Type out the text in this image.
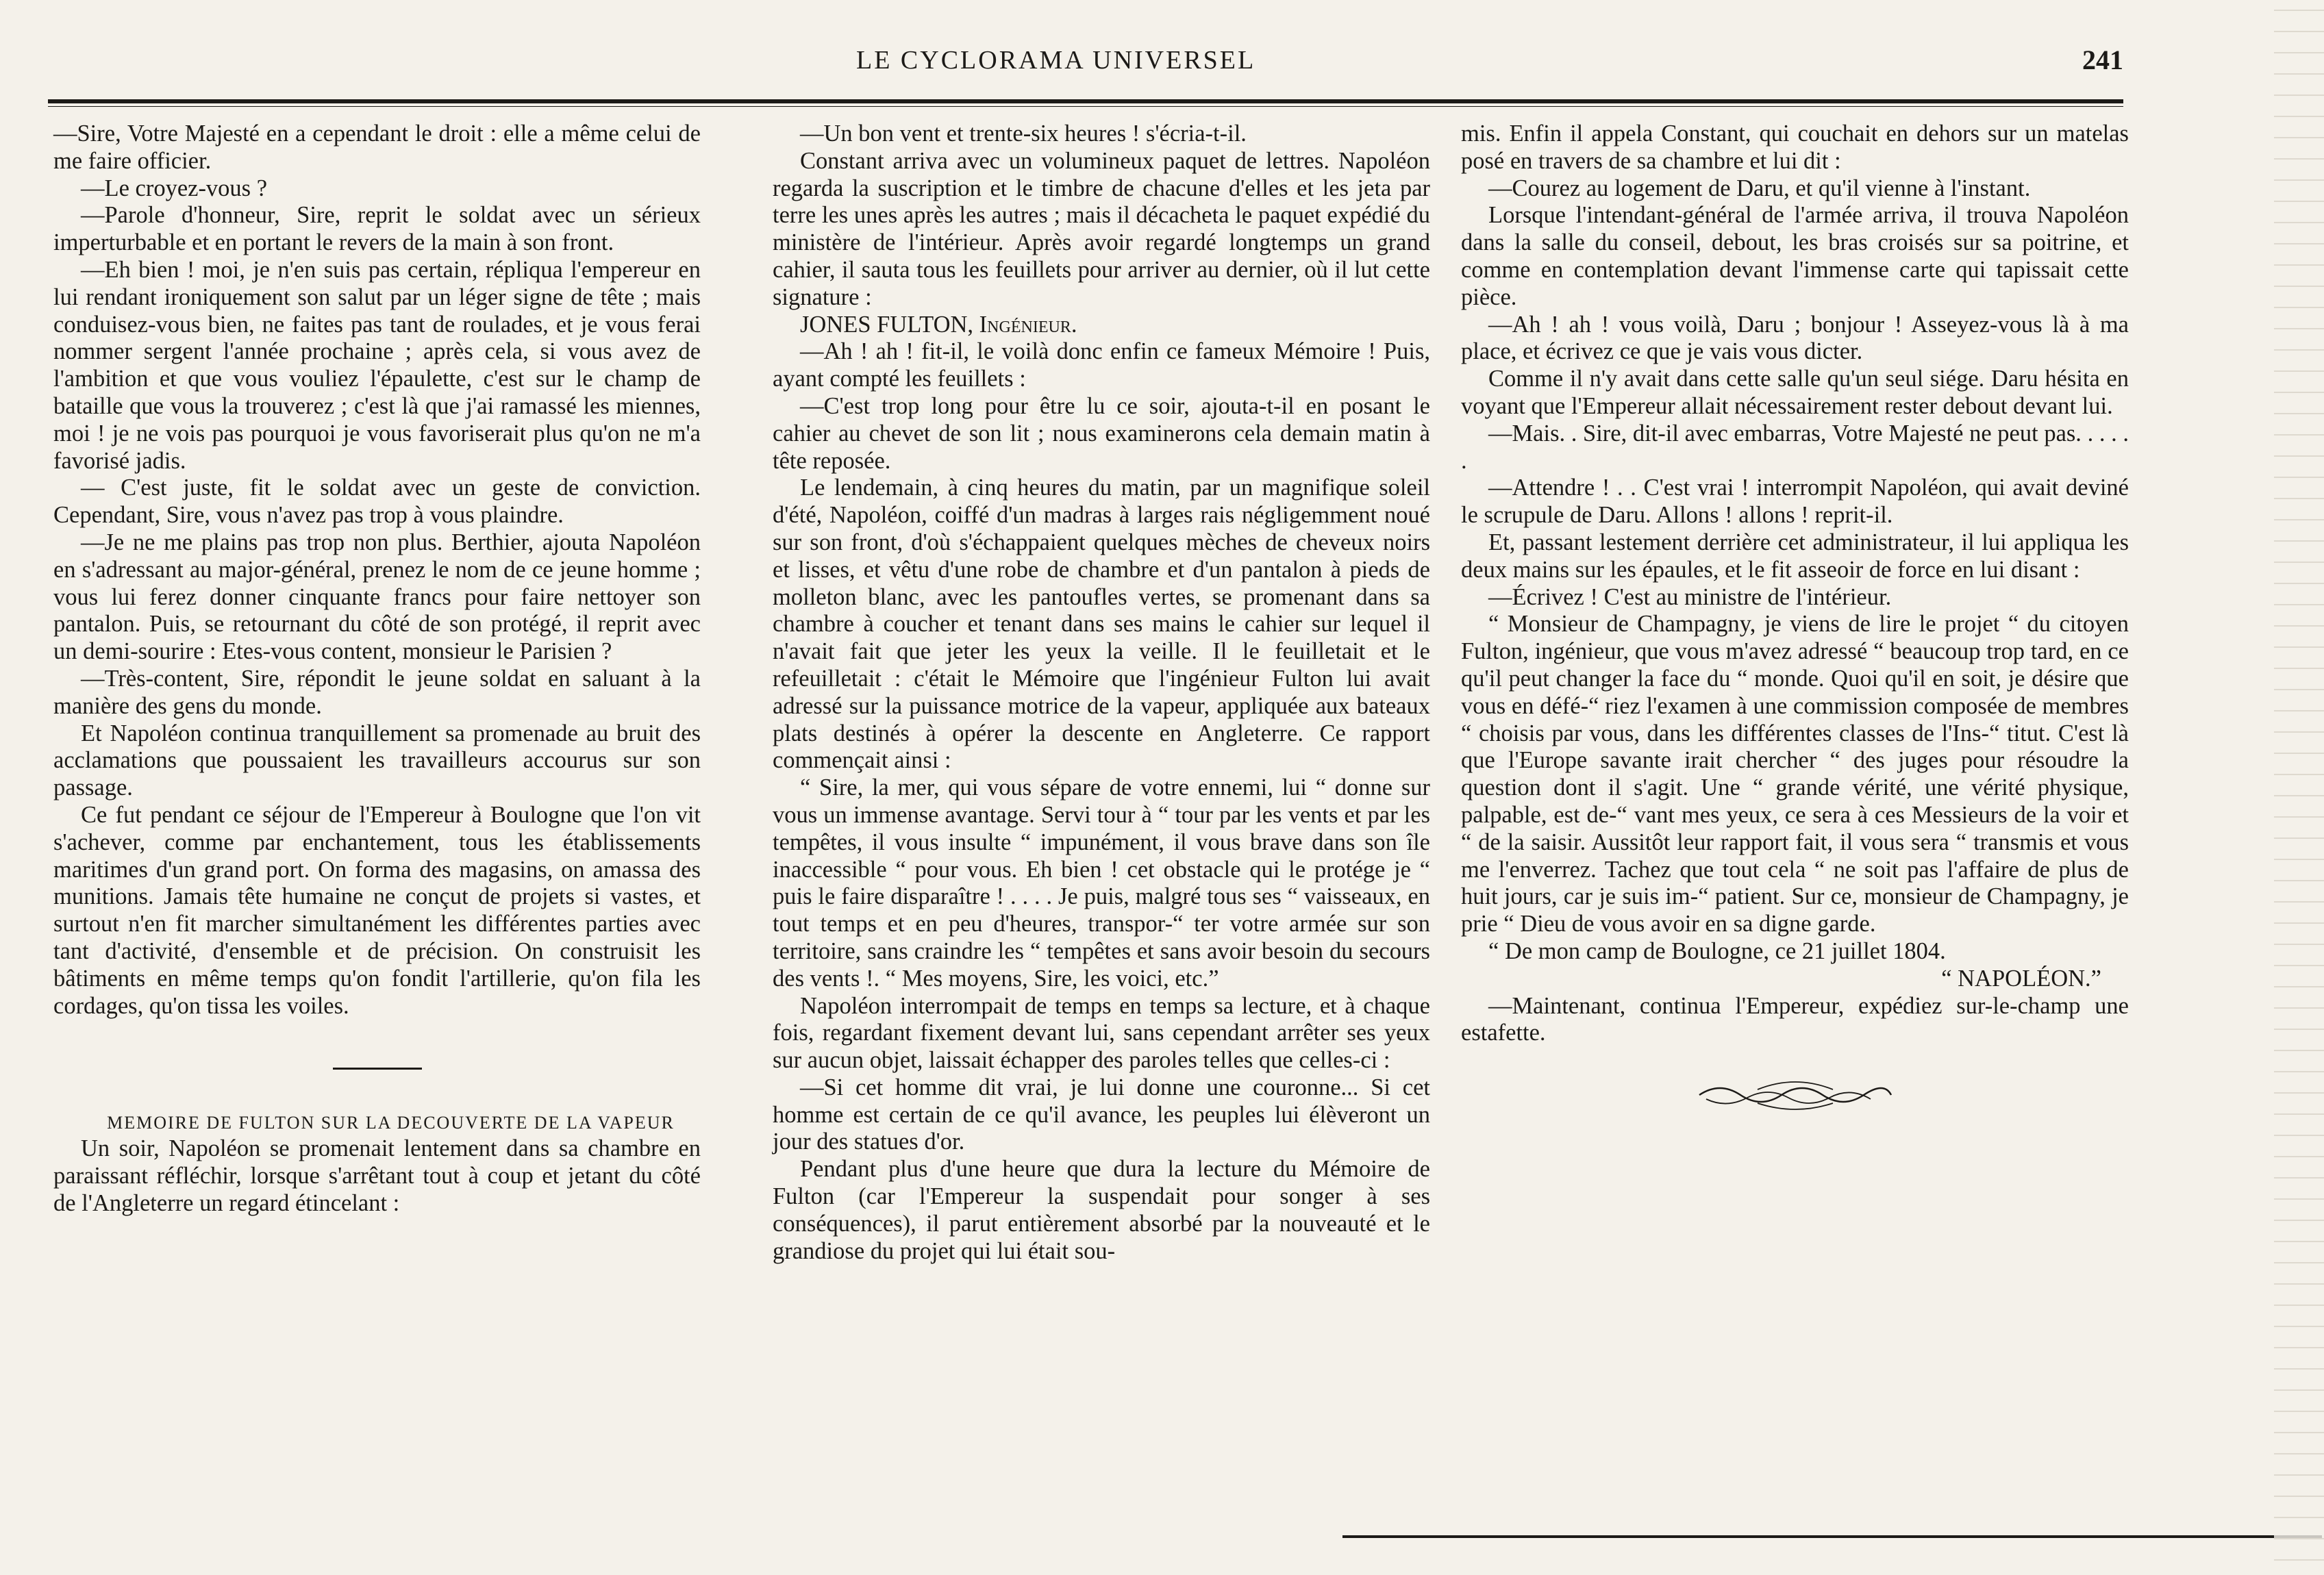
LE CYCLORAMA UNIVERSEL	241

—Sire, Votre Majesté en a cependant le droit : elle a même celui de me faire officier.

—Le croyez-vous ?

—Parole d'honneur, Sire, reprit le soldat avec un sérieux imperturbable et en portant le revers de la main à son front.

—Eh bien ! moi, je n'en suis pas certain, répliqua l'empereur en lui rendant ironiquement son salut par un léger signe de tête ; mais conduisez-vous bien, ne faites pas tant de roulades, et je vous ferai nommer sergent l'année prochaine ; après cela, si vous avez de l'ambition et que vous vouliez l'épaulette, c'est sur le champ de bataille que vous la trouverez ; c'est là que j'ai ramassé les miennes, moi ! je ne vois pas pourquoi je vous favoriserait plus qu'on ne m'a favorisé jadis.

— C'est juste, fit le soldat avec un geste de conviction. Cependant, Sire, vous n'avez pas trop à vous plaindre.

—Je ne me plains pas trop non plus. Berthier, ajouta Napoléon en s'adressant au major-général, prenez le nom de ce jeune homme ; vous lui ferez donner cinquante francs pour faire nettoyer son pantalon. Puis, se retournant du côté de son protégé, il reprit avec un demi-sourire : Etes-vous content, monsieur le Parisien ?

—Très-content, Sire, répondit le jeune soldat en saluant à la manière des gens du monde.

Et Napoléon continua tranquillement sa promenade au bruit des acclamations que poussaient les travailleurs accourus sur son passage.

Ce fut pendant ce séjour de l'Empereur à Boulogne que l'on vit s'achever, comme par enchantement, tous les établissements maritimes d'un grand port. On forma des magasins, on amassa des munitions. Jamais tête humaine ne conçut de projets si vastes, et surtout n'en fit marcher simultanément les différentes parties avec tant d'activité, d'ensemble et de précision. On construisit les bâtiments en même temps qu'on fondit l'artillerie, qu'on fila les cordages, qu'on tissa les voiles.

MEMOIRE DE FULTON SUR LA DECOUVERTE DE LA VAPEUR

Un soir, Napoléon se promenait lentement dans sa chambre en paraissant réfléchir, lorsque s'arrêtant tout à coup et jetant du côté de l'Angleterre un regard étincelant :

—Un bon vent et trente-six heures ! s'écria-t-il.

Constant arriva avec un volumineux paquet de lettres. Napoléon regarda la suscription et le timbre de chacune d'elles et les jeta par terre les unes après les autres ; mais il décacheta le paquet expédié du ministère de l'intérieur. Après avoir regardé longtemps un grand cahier, il sauta tous les feuillets pour arriver au dernier, où il lut cette signature :

JONES FULTON, Ingénieur.

—Ah ! ah ! fit-il, le voilà donc enfin ce fameux Mémoire ! Puis, ayant compté les feuillets :

—C'est trop long pour être lu ce soir, ajouta-t-il en posant le cahier au chevet de son lit ; nous examinerons cela demain matin à tête reposée.

Le lendemain, à cinq heures du matin, par un magnifique soleil d'été, Napoléon, coiffé d'un madras à larges rais négligemment noué sur son front, d'où s'échappaient quelques mèches de cheveux noirs et lisses, et vêtu d'une robe de chambre et d'un pantalon à pieds de molleton blanc, avec les pantoufles vertes, se promenant dans sa chambre à coucher et tenant dans ses mains le cahier sur lequel il n'avait fait que jeter les yeux la veille. Il le feuilletait et le refeuilletait : c'était le Mémoire que l'ingénieur Fulton lui avait adressé sur la puissance motrice de la vapeur, appliquée aux bateaux plats destinés à opérer la descente en Angleterre. Ce rapport commençait ainsi :

“ Sire, la mer, qui vous sépare de votre ennemi, lui “ donne sur vous un immense avantage. Servi tour à “ tour par les vents et par les tempêtes, il vous insulte “ impunément, il vous brave dans son île inaccessible “ pour vous. Eh bien ! cet obstacle qui le protége je “ puis le faire disparaître ! . . . . Je puis, malgré tous ses “ vaisseaux, en tout temps et en peu d'heures, transpor-“ ter votre armée sur son territoire, sans craindre les “ tempêtes et sans avoir besoin du secours des vents !. “ Mes moyens, Sire, les voici, etc.”

Napoléon interrompait de temps en temps sa lecture, et à chaque fois, regardant fixement devant lui, sans cependant arrêter ses yeux sur aucun objet, laissait échapper des paroles telles que celles-ci :

—Si cet homme dit vrai, je lui donne une couronne... Si cet homme est certain de ce qu'il avance, les peuples lui élèveront un jour des statues d'or.

Pendant plus d'une heure que dura la lecture du Mémoire de Fulton (car l'Empereur la suspendait pour songer à ses conséquences), il parut entièrement absorbé par la nouveauté et le grandiose du projet qui lui était sou-

mis. Enfin il appela Constant, qui couchait en dehors sur un matelas posé en travers de sa chambre et lui dit :

—Courez au logement de Daru, et qu'il vienne à l'instant.

Lorsque l'intendant-général de l'armée arriva, il trouva Napoléon dans la salle du conseil, debout, les bras croisés sur sa poitrine, et comme en contemplation devant l'immense carte qui tapissait cette pièce.

—Ah ! ah ! vous voilà, Daru ; bonjour ! Asseyez-vous là à ma place, et écrivez ce que je vais vous dicter.

Comme il n'y avait dans cette salle qu'un seul siége. Daru hésita en voyant que l'Empereur allait nécessairement rester debout devant lui.

—Mais. . Sire, dit-il avec embarras, Votre Majesté ne peut pas. . . . . .

—Attendre ! . . C'est vrai ! interrompit Napoléon, qui avait deviné le scrupule de Daru. Allons ! allons ! reprit-il.

Et, passant lestement derrière cet administrateur, il lui appliqua les deux mains sur les épaules, et le fit asseoir de force en lui disant :

—Écrivez ! C'est au ministre de l'intérieur.

“ Monsieur de Champagny, je viens de lire le projet “ du citoyen Fulton, ingénieur, que vous m'avez adressé “ beaucoup trop tard, en ce qu'il peut changer la face du “ monde. Quoi qu'il en soit, je désire que vous en défé-“ riez l'examen à une commission composée de membres “ choisis par vous, dans les différentes classes de l'Ins-“ titut. C'est là que l'Europe savante irait chercher “ des juges pour résoudre la question dont il s'agit. Une “ grande vérité, une vérité physique, palpable, est de-“ vant mes yeux, ce sera à ces Messieurs de la voir et “ de la saisir. Aussitôt leur rapport fait, il vous sera “ transmis et vous me l'enverrez. Tachez que tout cela “ ne soit pas l'affaire de plus de huit jours, car je suis im-“ patient. Sur ce, monsieur de Champagny, je prie “ Dieu de vous avoir en sa digne garde.

“ De mon camp de Boulogne, ce 21 juillet 1804.

“ NAPOLÉON.”

—Maintenant, continua l'Empereur, expédiez sur-le-champ une estafette.
